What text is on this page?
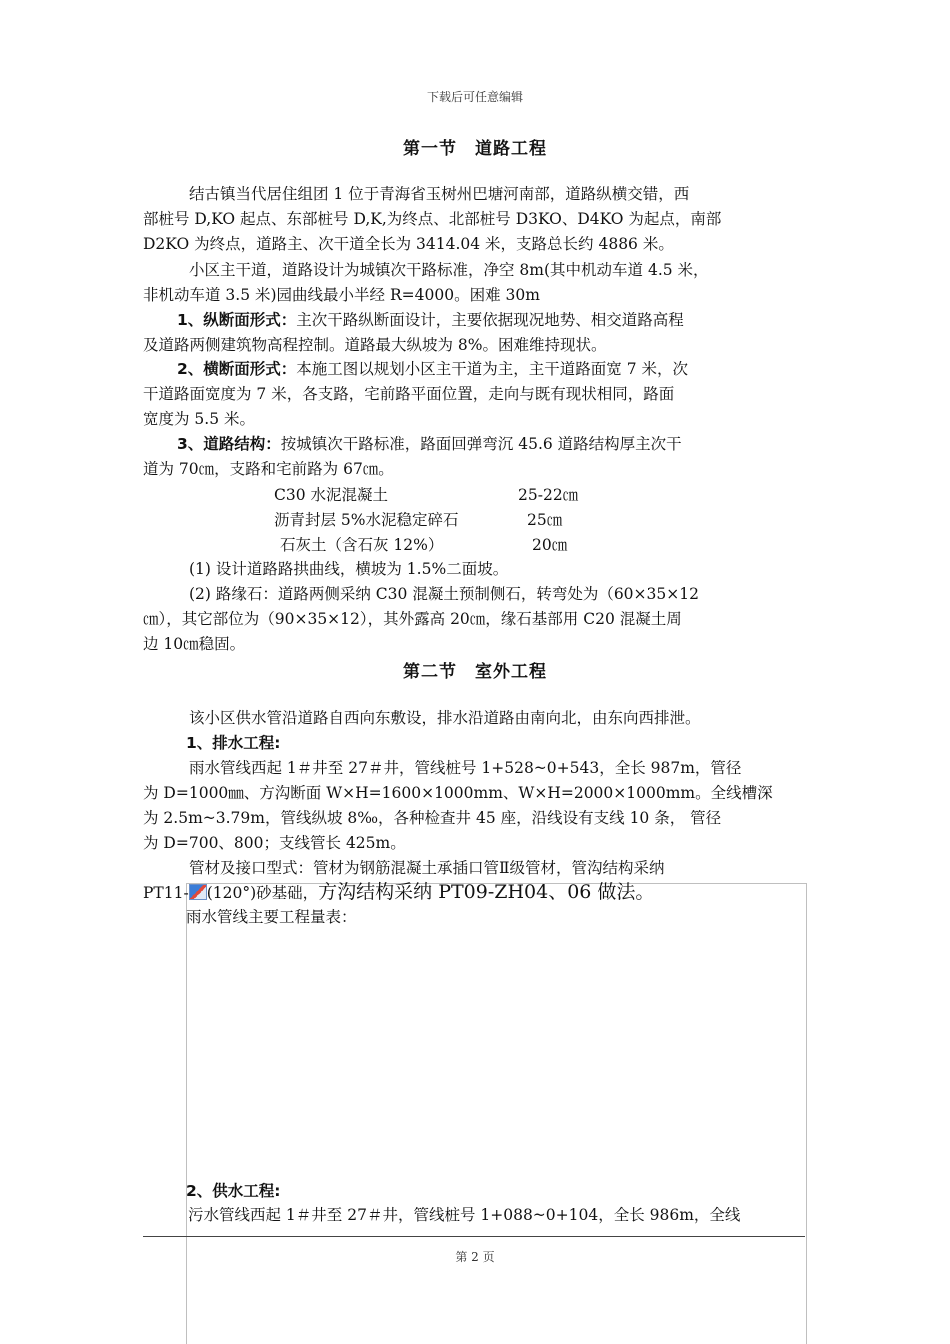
下载后可任意编辑
第一节　道路工程
结古镇当代居住组团 1 位于青海省玉树州巴塘河南部，道路纵横交错，西
部桩号 D,KO 起点、东部桩号 D,K,为终点、北部桩号 D3KO、D4KO 为起点，南部
D2KO 为终点，道路主、次干道全长为 3414.04 米，支路总长约 4886 米。
小区主干道，道路设计为城镇次干路标准，净空 8m(其中机动车道 4.5 米，
非机动车道 3.5 米)园曲线最小半经 R=4000。困难 30m
1、纵断面形式：主次干路纵断面设计，主要依据现况地势、相交道路高程
及道路两侧建筑物高程控制。道路最大纵坡为 8%。困难维持现状。
2、横断面形式：本施工图以规划小区主干道为主，主干道路面宽 7 米，次
干道路面宽度为 7 米，各支路，宅前路平面位置，走向与既有现状相同，路面
宽度为 5.5 米。
3、道路结构：按城镇次干路标准，路面回弹弯沉 45.6 道路结构厚主次干
道为 70㎝，支路和宅前路为 67㎝。
C30 水泥混凝土	25-22㎝
沥青封层 5%水泥稳定碎石	25㎝
石灰土（含石灰 12%）	20㎝
(1) 设计道路路拱曲线，横坡为 1.5%二面坡。
(2) 路缘石：道路两侧采纳 C30 混凝土预制侧石，转弯处为（60×35×12
㎝），其它部位为（90×35×12），其外露高 20㎝，缘石基部用 C20 混凝土周
边 10㎝稳固。
第二节　室外工程
该小区供水管沿道路自西向东敷设，排水沿道路由南向北，由东向西排泄。
1、排水工程:
雨水管线西起 1＃井至 27＃井，管线桩号 1+528~0+543，全长 987m，管径
为 D=1000㎜、方沟断面 W×H=1600×1000mm、W×H=2000×1000mm。全线槽深
为 2.5m~3.79m，管线纵坡 8‰，各种检查井 45 座，沿线设有支线 10 条， 管径
为 D=700、800；支线管长 425m。
管材及接口型式：管材为钢筋混凝土承插口管Ⅱ级管材，管沟结构采纳
PT11- (120°)砂基础，方沟结构采纳 PT09-ZH04、06 做法。
雨水管线主要工程量表：
2、供水工程:
污水管线西起 1＃井至 27＃井，管线桩号 1+088~0+104，全长 986m，全线
第 2 页
